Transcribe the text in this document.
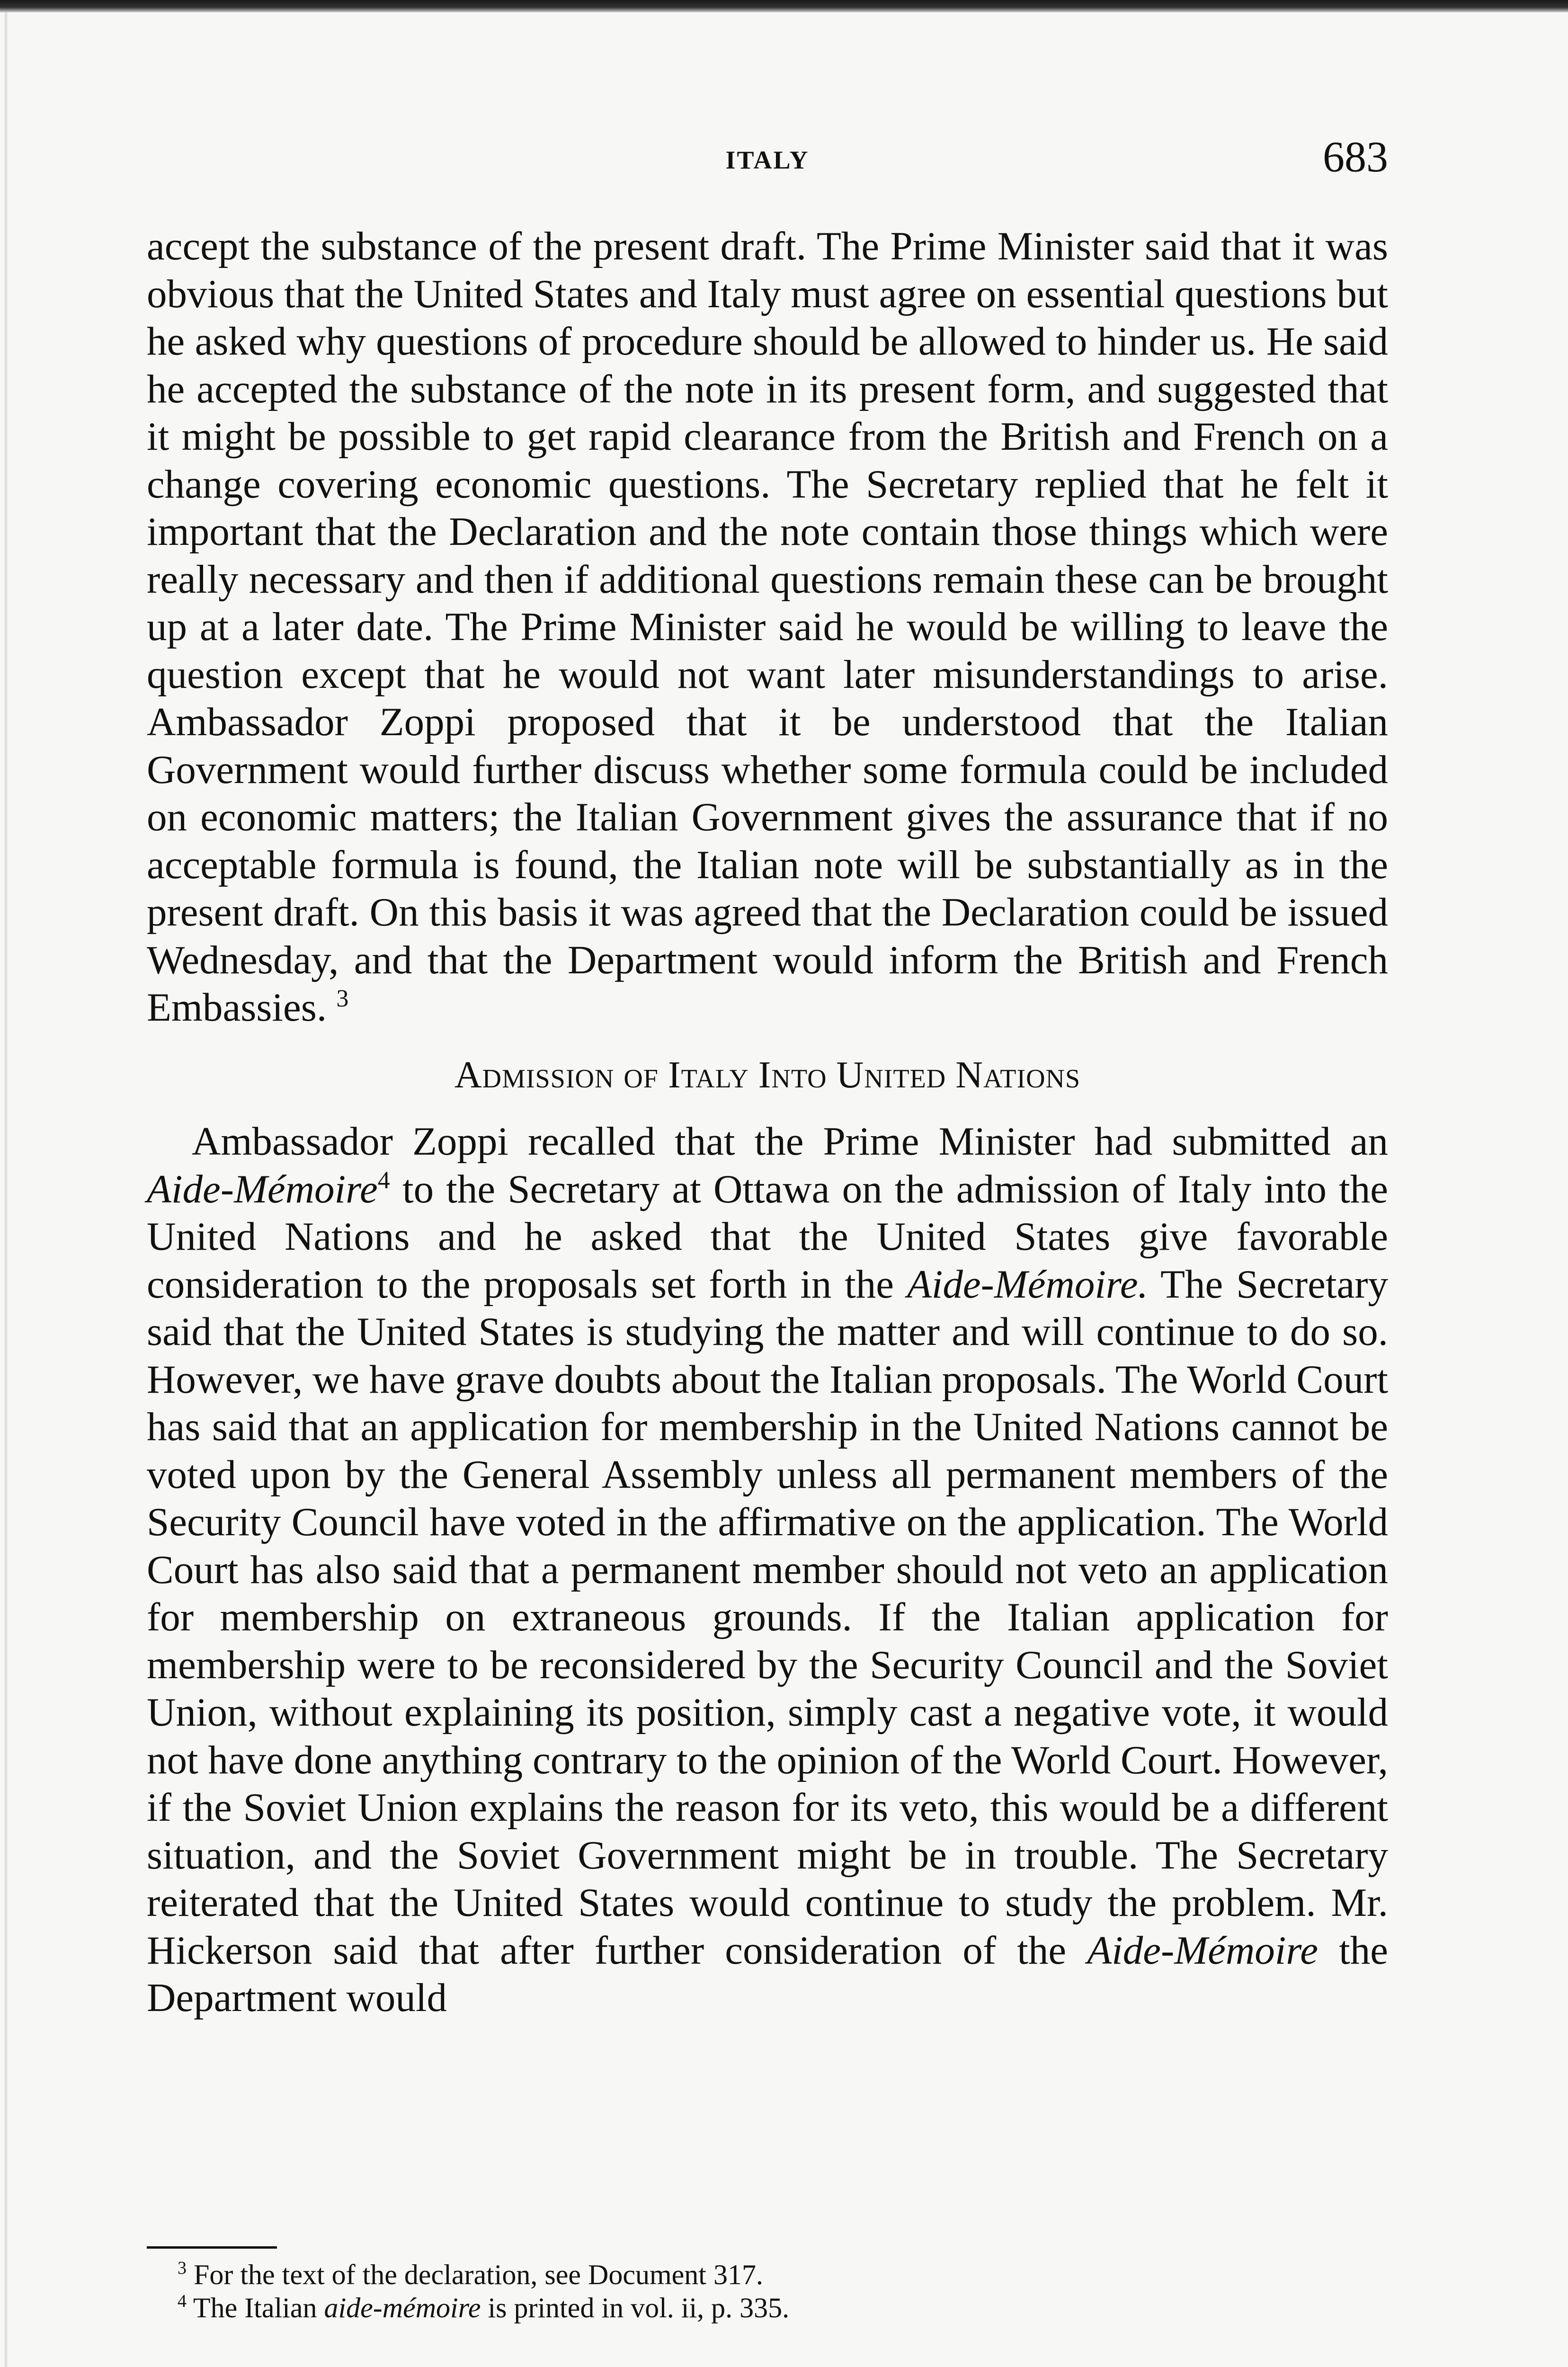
ITALY	683

accept the substance of the present draft. The Prime Minister said that it was obvious that the United States and Italy must agree on essential questions but he asked why questions of procedure should be allowed to hinder us. He said he accepted the substance of the note in its present form, and suggested that it might be possible to get rapid clearance from the British and French on a change covering economic questions. The Secretary replied that he felt it important that the Declaration and the note contain those things which were really necessary and then if additional questions remain these can be brought up at a later date. The Prime Minister said he would be willing to leave the question except that he would not want later misunderstandings to arise. Ambassador Zoppi proposed that it be understood that the Italian Government would further discuss whether some formula could be included on economic matters; the Italian Government gives the assurance that if no acceptable formula is found, the Italian note will be substantially as in the present draft. On this basis it was agreed that the Declaration could be issued Wednesday, and that the Department would inform the British and French Embassies. $^3$

Admission of Italy Into United Nations

Ambassador Zoppi recalled that the Prime Minister had submitted an Aide-Mémoire$^4$ to the Secretary at Ottawa on the admission of Italy into the United Nations and he asked that the United States give favorable consideration to the proposals set forth in the Aide-Mémoire. The Secretary said that the United States is studying the matter and will continue to do so. However, we have grave doubts about the Italian proposals. The World Court has said that an application for membership in the United Nations cannot be voted upon by the General Assembly unless all permanent members of the Security Council have voted in the affirmative on the application. The World Court has also said that a permanent member should not veto an application for membership on extraneous grounds. If the Italian application for membership were to be reconsidered by the Security Council and the Soviet Union, without explaining its position, simply cast a negative vote, it would not have done anything contrary to the opinion of the World Court. However, if the Soviet Union explains the reason for its veto, this would be a different situation, and the Soviet Government might be in trouble. The Secretary reiterated that the United States would continue to study the problem. Mr. Hickerson said that after further consideration of the Aide-Mémoire the Department would

$^3$ For the text of the declaration, see Document 317.

$^4$ The Italian aide-mémoire is printed in vol. ii, p. 335.
